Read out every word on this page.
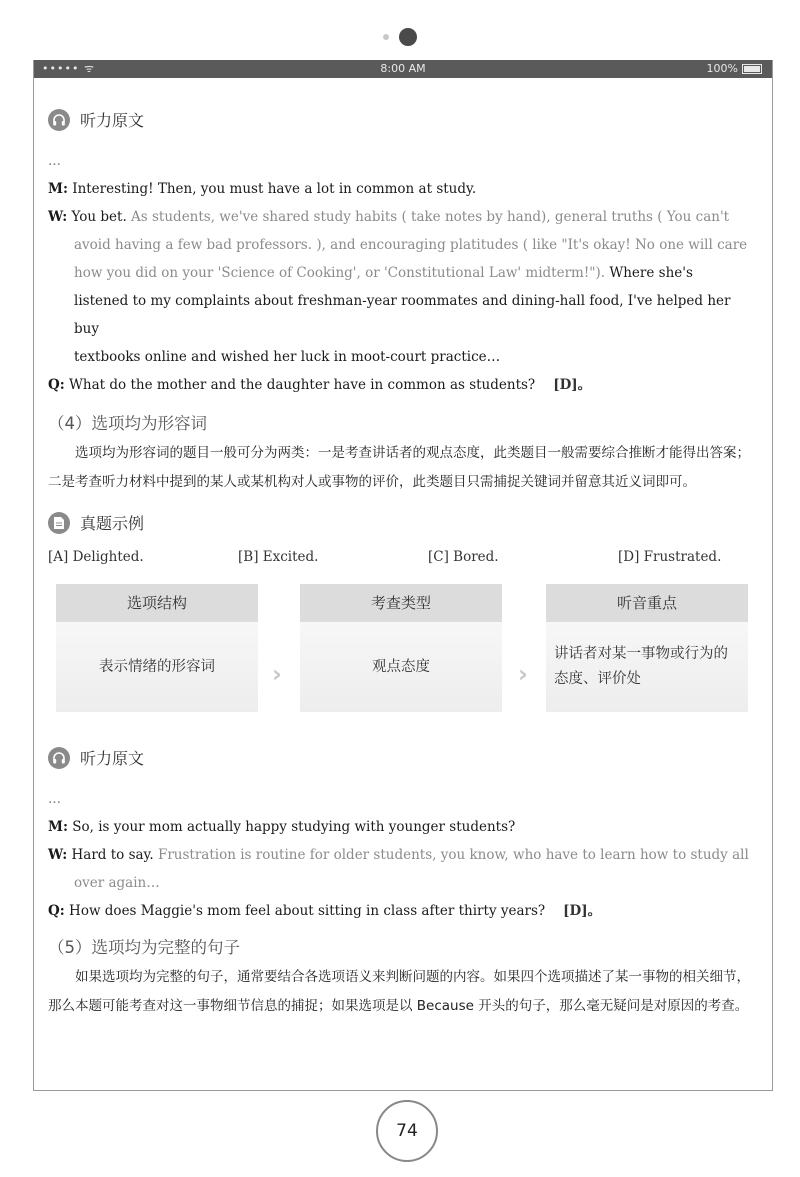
••••• ᯤ	8:00 AM	100%
听力原文
…

M: Interesting! Then, you must have a lot in common at study.

W: You bet. As students, we've shared study habits ( take notes by hand), general truths ( You can't

avoid having a few bad professors. ), and encouraging platitudes ( like "It's okay! No one will care

how you did on your 'Science of Cooking', or 'Constitutional Law' midterm!"). Where she's

listened to my complaints about freshman-year roommates and dining-hall food, I've helped her buy

textbooks online and wished her luck in moot-court practice…

Q: What do the mother and the daughter have in common as students? [D]。

（4）选项均为形容词

选项均为形容词的题目一般可分为两类：一是考查讲话者的观点态度，此类题目一般需要综合推断才能得出答案；二是考查听力材料中提到的某人或某机构对人或事物的评价，此类题目只需捕捉关键词并留意其近义词即可。

真题示例
[A] Delighted.	[B] Excited.	[C] Bored.	[D] Frustrated.
选项结构
表示情绪的形容词	›
考查类型
观点态度	›
听音重点
讲话者对某一事物或行为的态度、评价处
听力原文
…

M: So, is your mom actually happy studying with younger students?

W: Hard to say. Frustration is routine for older students, you know, who have to learn how to study all

over again…

Q: How does Maggie's mom feel about sitting in class after thirty years? [D]。

（5）选项均为完整的句子

如果选项均为完整的句子，通常要结合各选项语义来判断问题的内容。如果四个选项描述了某一事物的相关细节，那么本题可能考查对这一事物细节信息的捕捉；如果选项是以 Because 开头的句子，那么毫无疑问是对原因的考查。

74
